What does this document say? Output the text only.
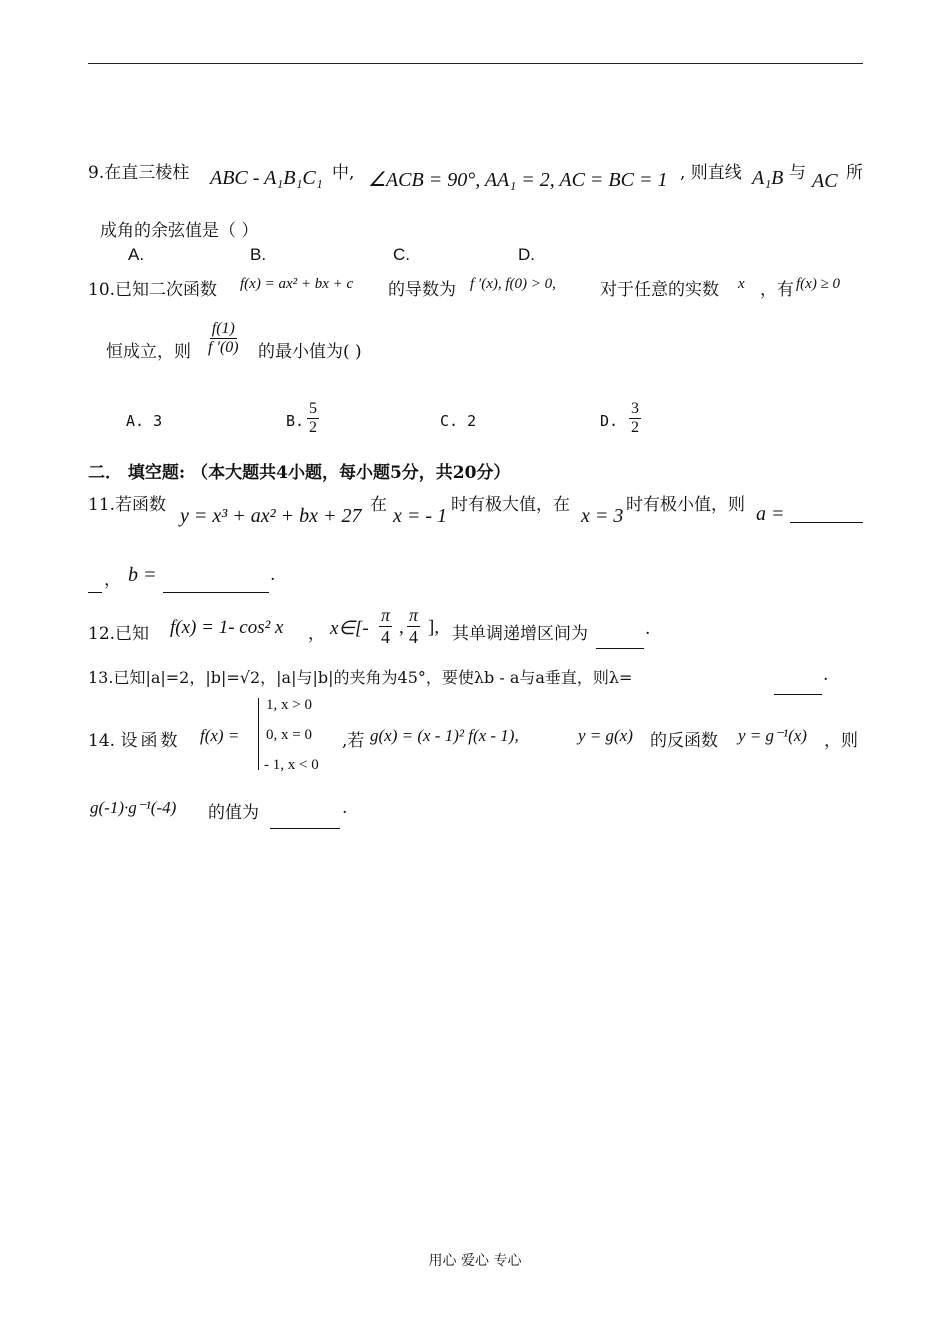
9.在直三棱柱 ABC - A₁B₁C₁ 中, ∠ACB = 90°, AA₁ = 2, AC = BC = 1 , 则直线 A₁B 与 AC 所
成角的余弦值是（ ）
A.	B.	C.	D.
10.已知二次函数 f(x) = ax² + bx + c 的导数为 f ′(x), f(0) > 0,	对于任意的实数 x ，有 f(x) ≥ 0
恒成立，则 $\frac{f(1)}{f '(0)}$ 的最小值为( )
A. 3	B. $\frac{5}{2}$	C. 2	D. $\frac{3}{2}$
二． 填空题: （本大题共4小题，每小题5分，共20分）
11.若函数 y = x³ + ax² + bx + 27 在 x = - 1 时有极大值，在 x = 3 时有极小值，则 a =
， b =	.
12.已知 f(x) = 1- cos² x ， x∈[- $\frac{\pi}{4}$ , $\frac{\pi}{4}$ ], 其单调递增区间为	.
13.已知|a|=2，|b|=√2，|a|与|b|的夹角为45°，要使λb - a与a垂直，则λ=	.
14. 设函数 f(x) =
1, x > 0
0, x = 0
- 1, x < 0
,若 g(x) = (x - 1)² f(x - 1),	y = g(x) 的反函数 y = g⁻¹(x) ，则
g(-1)·g⁻¹(-4) 的值为	.
用心 爱心 专心
